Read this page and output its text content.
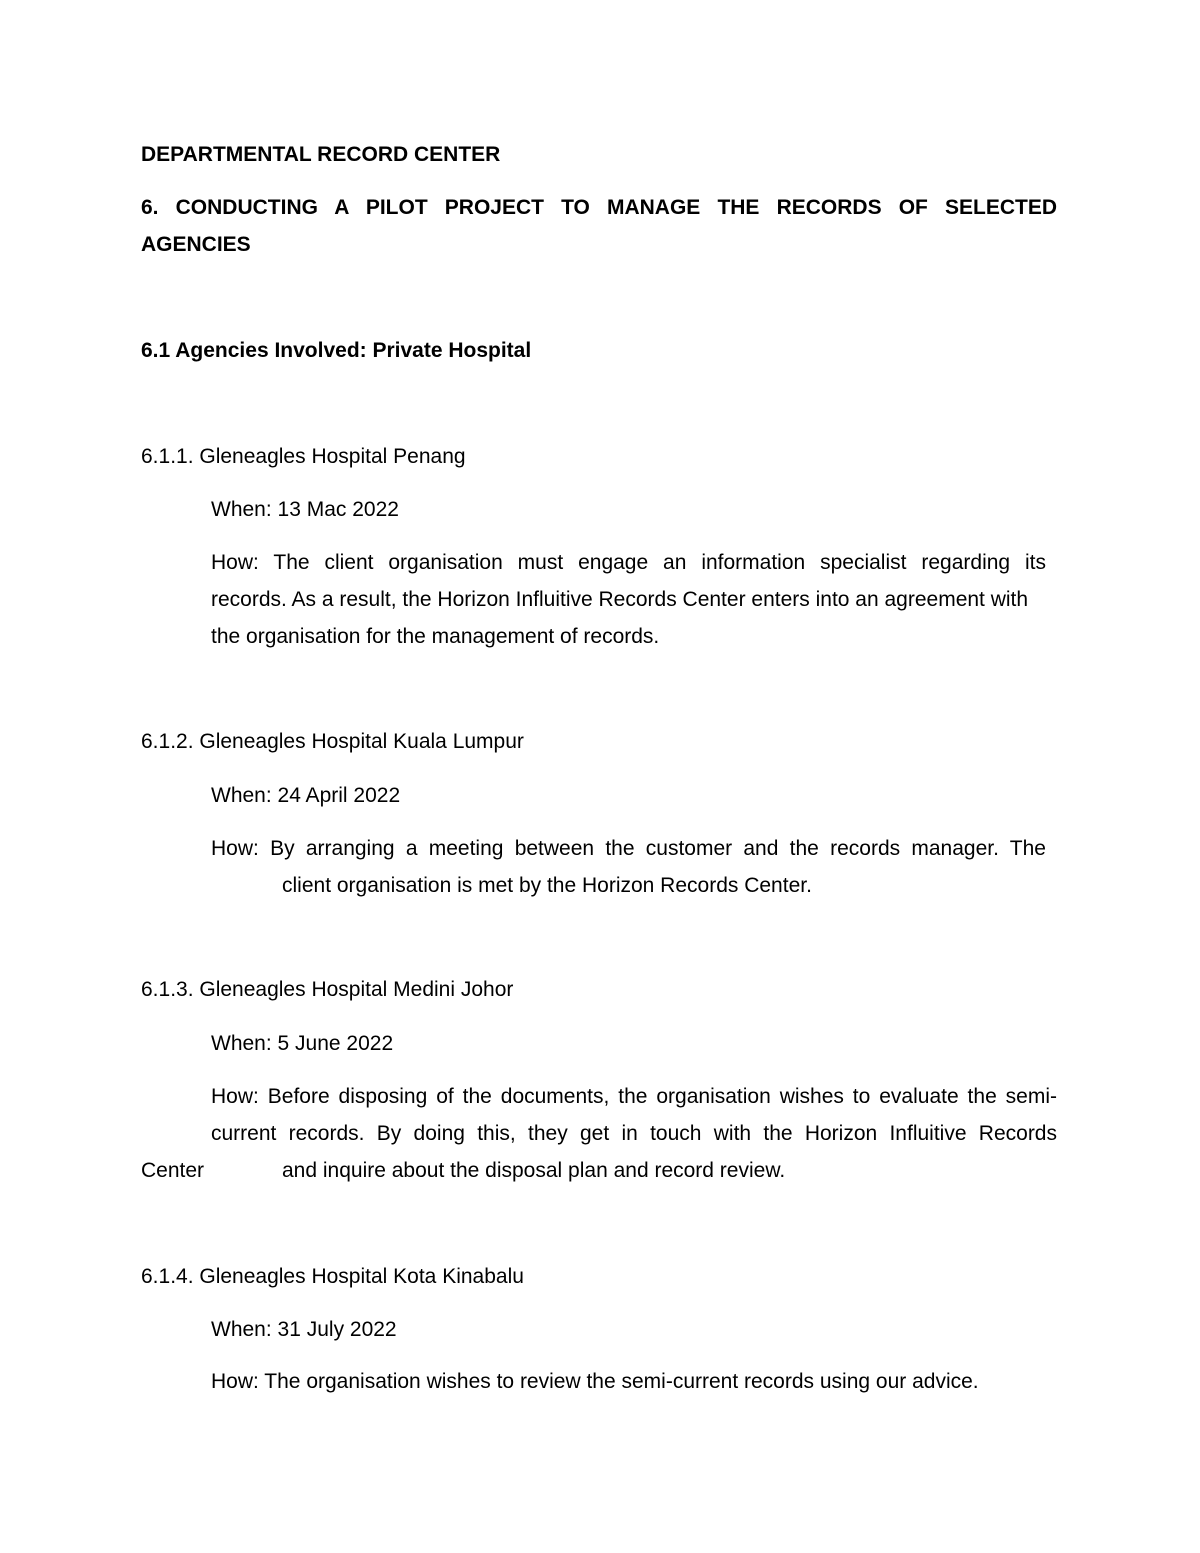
DEPARTMENTAL RECORD CENTER

6. CONDUCTING A PILOT PROJECT TO MANAGE THE RECORDS OF SELECTED

AGENCIES

6.1 Agencies Involved: Private Hospital

6.1.1. Gleneagles Hospital Penang

When: 13 Mac 2022

How: The client organisation must engage an information specialist regarding its

records. As a result, the Horizon Influitive Records Center enters into an agreement with

the organisation for the management of records.

6.1.2. Gleneagles Hospital Kuala Lumpur

When: 24 April 2022

How: By arranging a meeting between the customer and the records manager. The

client organisation is met by the Horizon Records Center.

6.1.3. Gleneagles Hospital Medini Johor

When: 5 June 2022

How: Before disposing of the documents, the organisation wishes to evaluate the semi-

current records. By doing this, they get in touch with the Horizon Influitive Records

Center	and inquire about the disposal plan and record review.

6.1.4. Gleneagles Hospital Kota Kinabalu

When: 31 July 2022

How: The organisation wishes to review the semi-current records using our advice.
